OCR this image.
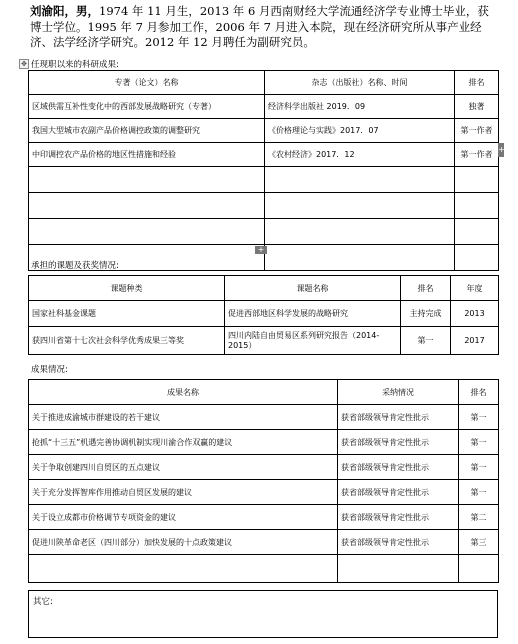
刘渝阳，男，1974 年 11 月生，2013 年 6 月西南财经大学流通经济学专业博士毕业，获博士学位。1995 年 7 月参加工作，2006 年 7 月进入本院，现在经济研究所从事产业经济、法学经济学研究。2012 年 12 月聘任为副研究员。
✥ 任现职以来的科研成果:
专著（论文）名称	杂志（出版社）名称、时间	排名
区域供需互补性变化中的西部发展战略研究（专著）	经济科学出版社 2019．09	独著
我国大型城市农副产品价格调控政策的调整研究	《价格理论与实践》2017．07	第一作者
中印调控农产品价格的地区性措施和经验	《农村经济》2017．12	第一作者

+
+
承担的课题及获奖情况:
课题种类	课题名称	排名	年度
国家社科基金课题	促进西部地区科学发展的战略研究	主持完成	2013
获四川省第十七次社会科学优秀成果三等奖	四川内陆自由贸易区系列研究报告（2014-2015）	第一	2017
成果情况:
成果名称	采纳情况	排名
关于推进成渝城市群建设的若干建议	获省部级领导肯定性批示	第一
抢抓“十三五”机遇完善协调机制实现川渝合作双赢的建议	获省部级领导肯定性批示	第一
关于争取创建四川自贸区的五点建议	获省部级领导肯定性批示	第一
关于充分发挥智库作用推动自贸区发展的建议	获省部级领导肯定性批示	第一
关于设立成都市价格调节专项资金的建议	获省部级领导肯定性批示	第二
促进川陕革命老区（四川部分）加快发展的十点政策建议	获省部级领导肯定性批示	第三

其它:
